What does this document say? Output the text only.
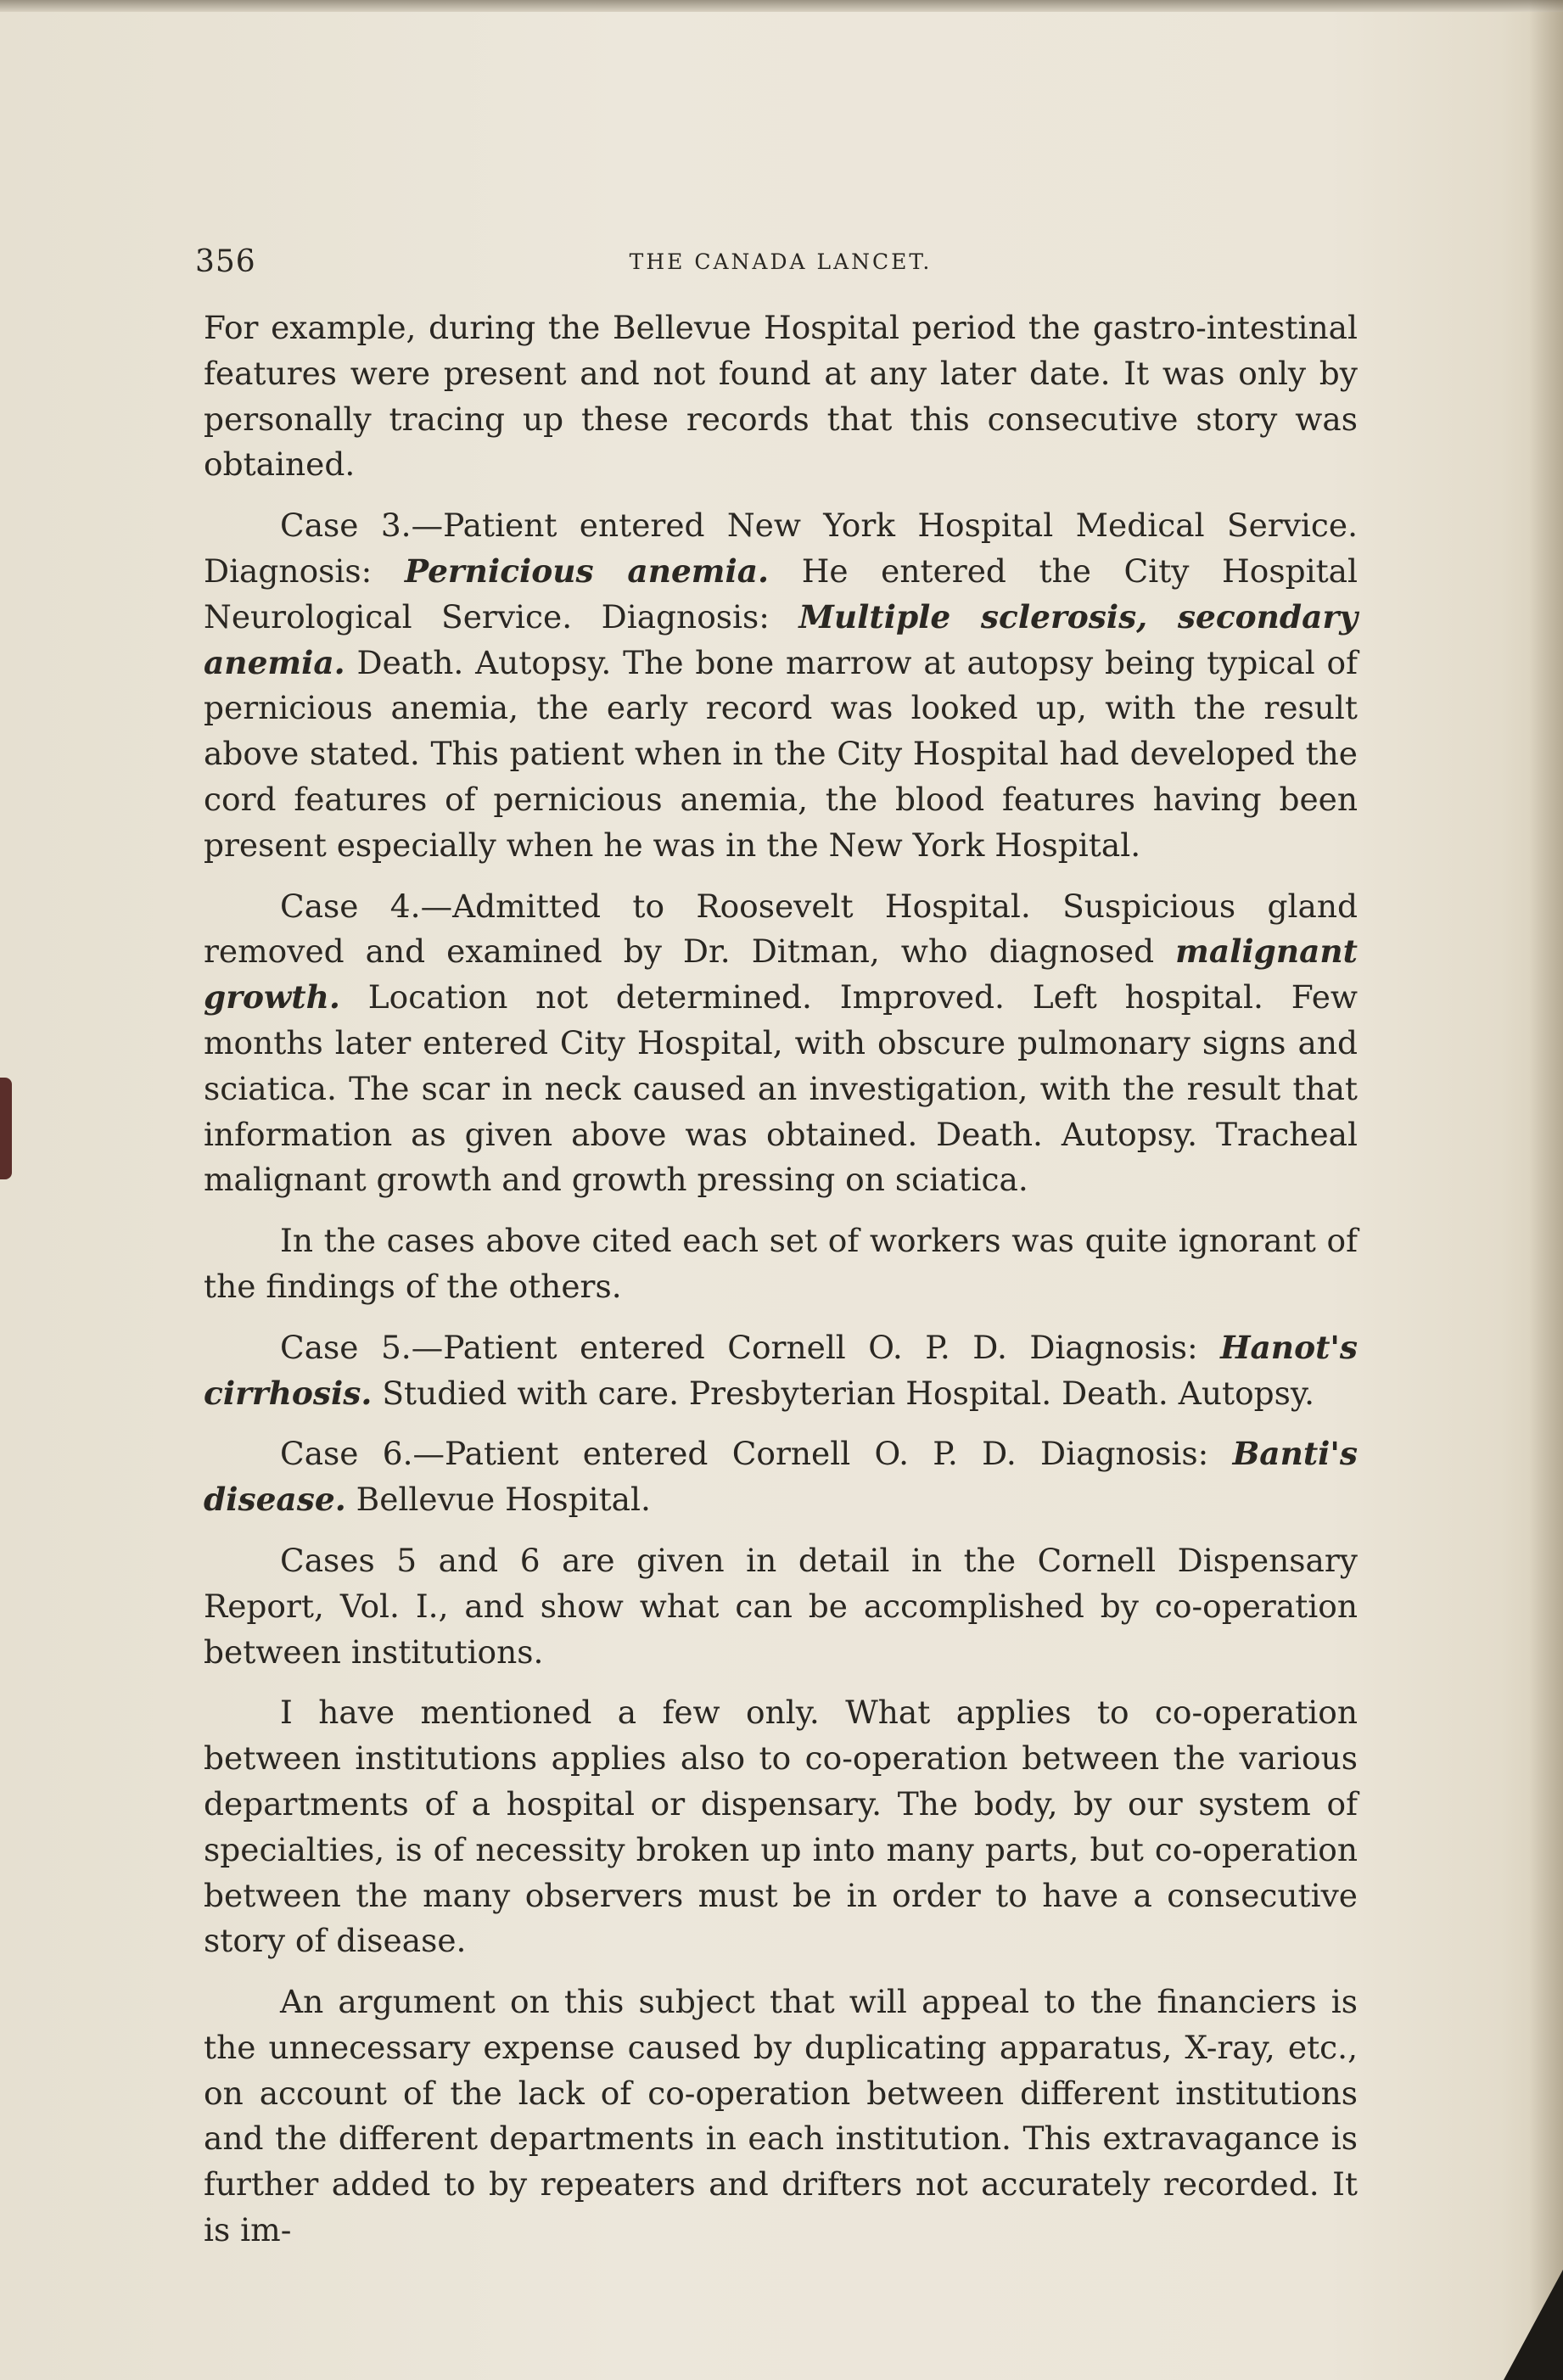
356	THE CANADA LANCET.

For example, during the Bellevue Hospital period the gastro-intestinal features were present and not found at any later date. It was only by personally tracing up these records that this consecutive story was obtained.

Case 3.—Patient entered New York Hospital Medical Service. Diagnosis: Pernicious anemia. He entered the City Hospital Neurological Service. Diagnosis: Multiple sclerosis, secondary anemia. Death. Autopsy. The bone marrow at autopsy being typical of pernicious anemia, the early record was looked up, with the result above stated. This patient when in the City Hospital had developed the cord features of pernicious anemia, the blood features having been present especially when he was in the New York Hospital.

Case 4.—Admitted to Roosevelt Hospital. Suspicious gland removed and examined by Dr. Ditman, who diagnosed malignant growth. Location not determined. Improved. Left hospital. Few months later entered City Hospital, with obscure pulmonary signs and sciatica. The scar in neck caused an investigation, with the result that information as given above was obtained. Death. Autopsy. Tracheal malignant growth and growth pressing on sciatica.

In the cases above cited each set of workers was quite ignorant of the findings of the others.

Case 5.—Patient entered Cornell O. P. D. Diagnosis: Hanot's cirrhosis. Studied with care. Presbyterian Hospital. Death. Autopsy.

Case 6.—Patient entered Cornell O. P. D. Diagnosis: Banti's disease. Bellevue Hospital.

Cases 5 and 6 are given in detail in the Cornell Dispensary Report, Vol. I., and show what can be accomplished by co-operation between institutions.

I have mentioned a few only. What applies to co-operation between institutions applies also to co-operation between the various departments of a hospital or dispensary. The body, by our system of specialties, is of necessity broken up into many parts, but co-operation between the many observers must be in order to have a consecutive story of disease.

An argument on this subject that will appeal to the financiers is the unnecessary expense caused by duplicating apparatus, X-ray, etc., on account of the lack of co-operation between different institutions and the different departments in each institution. This extravagance is further added to by repeaters and drifters not accurately recorded. It is im-
